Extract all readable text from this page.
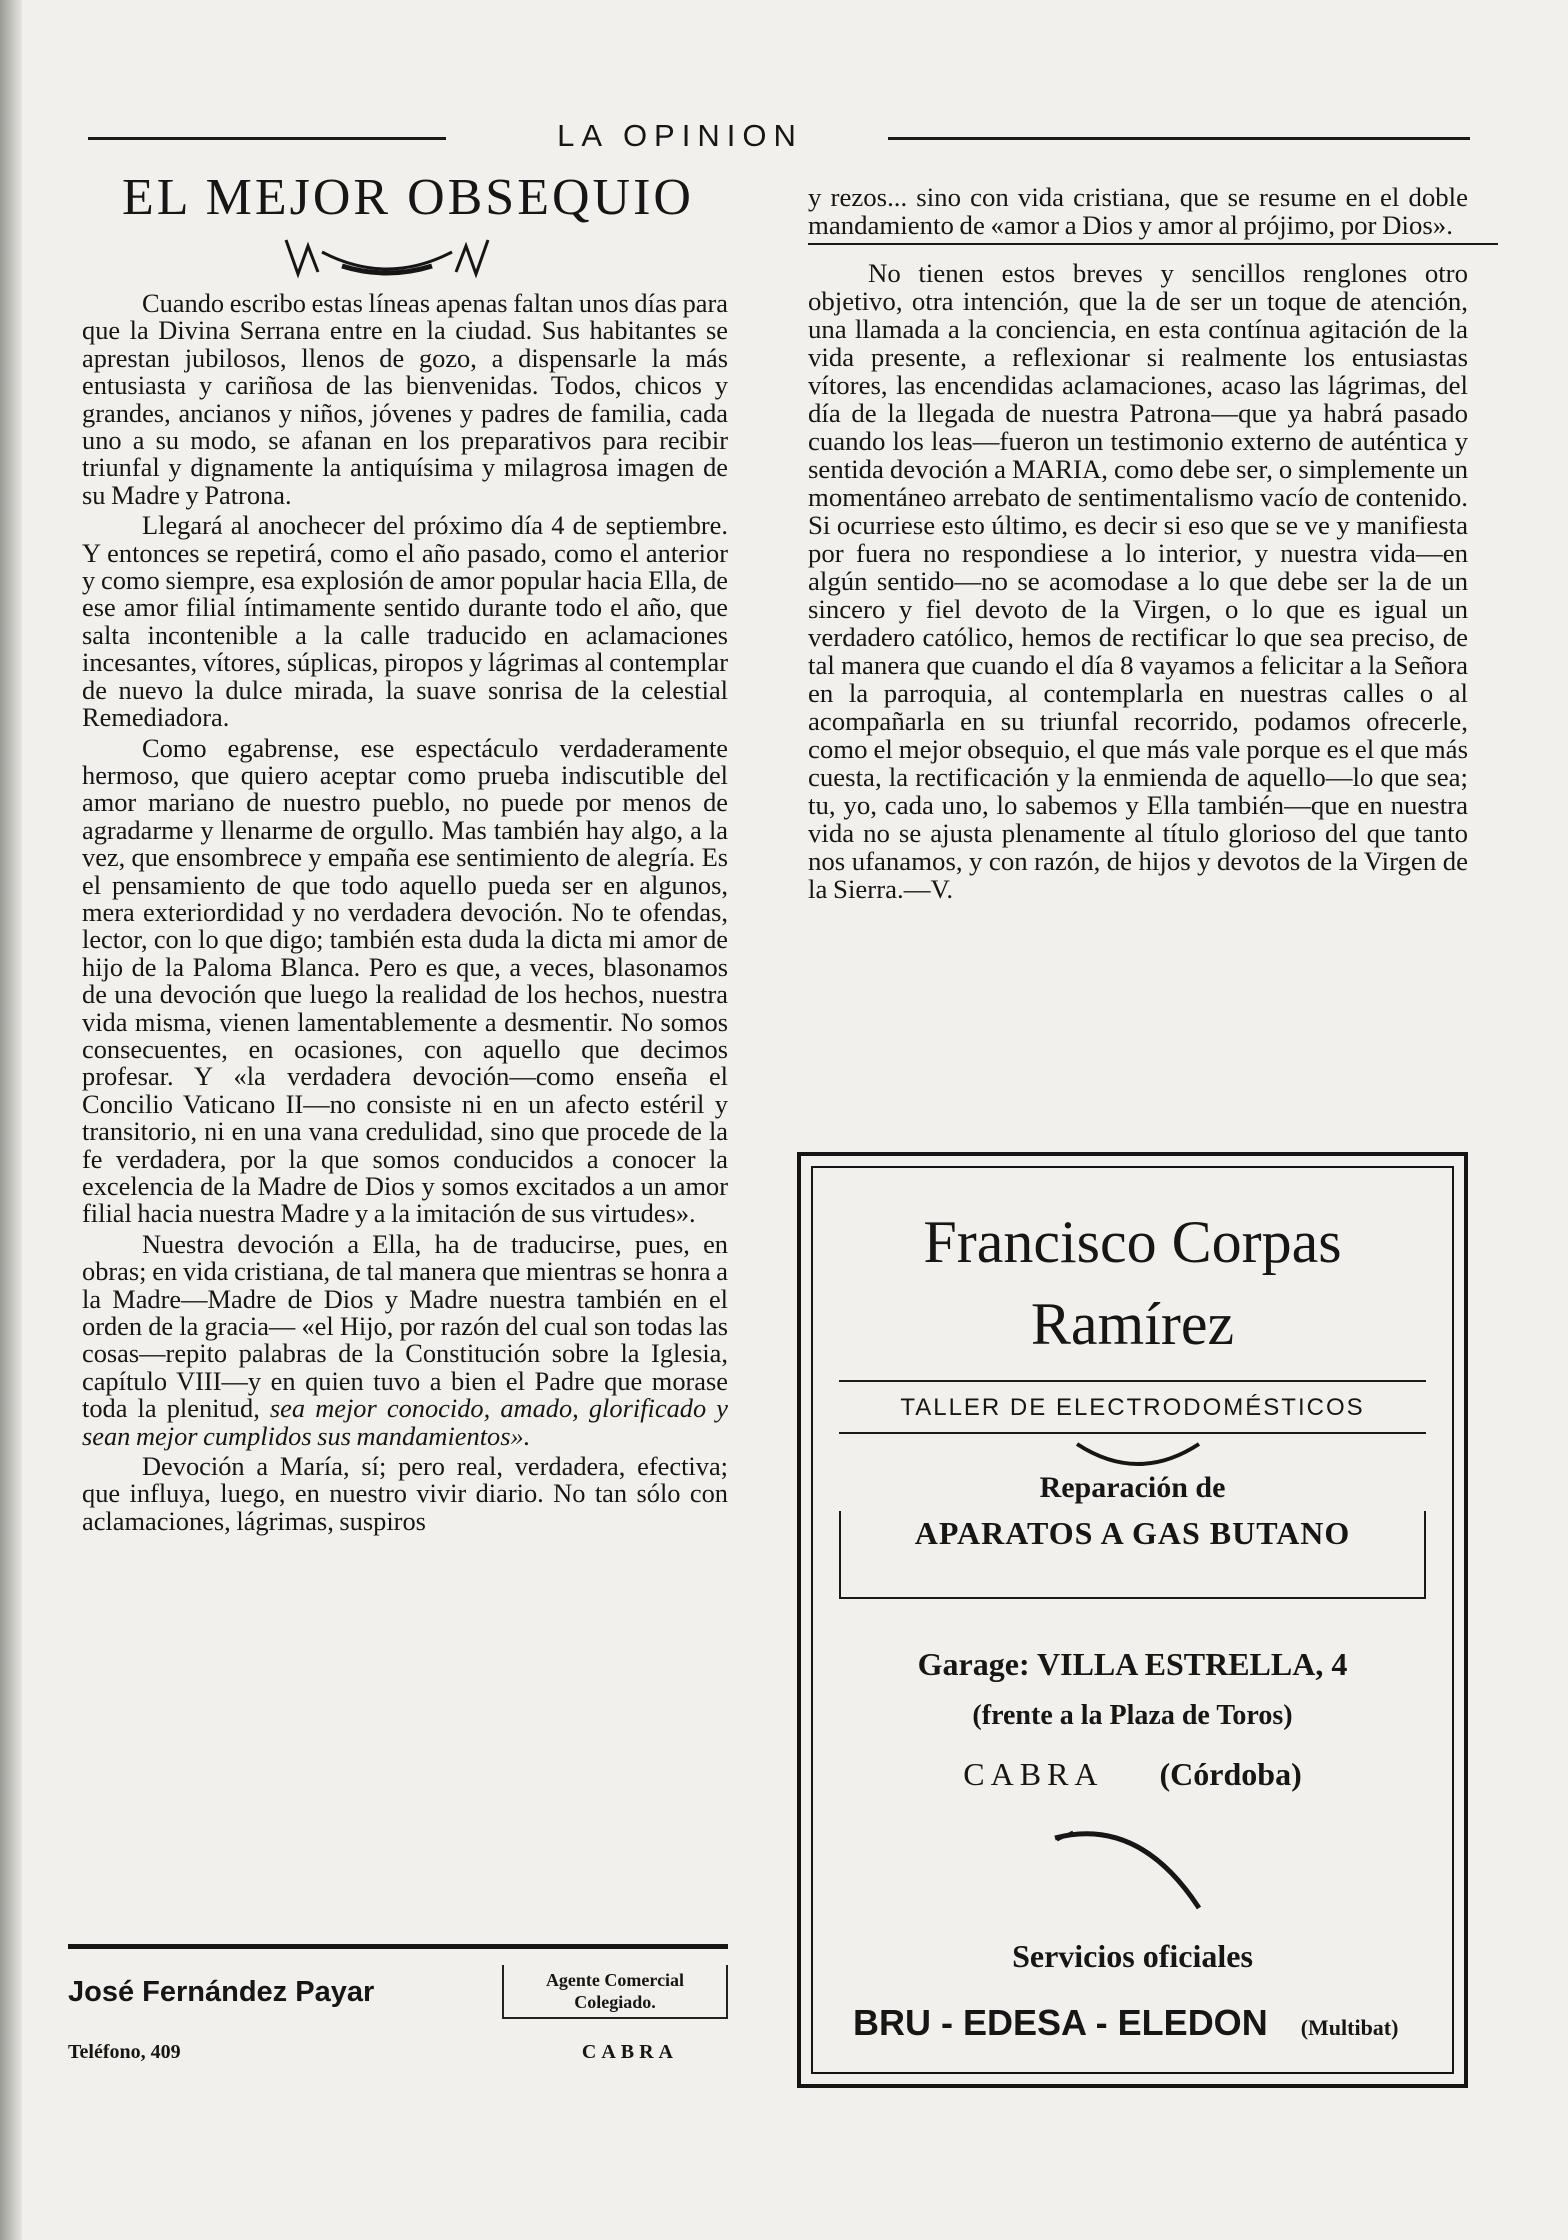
LA OPINION
EL MEJOR OBSEQUIO

Cuando escribo estas líneas apenas faltan unos días para que la Divina Serrana entre en la ciudad. Sus habitantes se aprestan jubilosos, llenos de gozo, a dispensarle la más entusiasta y cariñosa de las bienvenidas. Todos, chicos y grandes, ancianos y niños, jóvenes y padres de familia, cada uno a su modo, se afanan en los preparativos para recibir triunfal y dignamente la antiquísima y milagrosa imagen de su Madre y Patrona.

Llegará al anochecer del próximo día 4 de septiembre. Y entonces se repetirá, como el año pasado, como el anterior y como siempre, esa explosión de amor popular hacia Ella, de ese amor filial íntimamente sentido durante todo el año, que salta incontenible a la calle traducido en aclamaciones incesantes, vítores, súplicas, piropos y lágrimas al contemplar de nuevo la dulce mirada, la suave sonrisa de la celestial Remediadora.

Como egabrense, ese espectáculo verdaderamente hermoso, que quiero aceptar como prueba indiscutible del amor mariano de nuestro pueblo, no puede por menos de agradarme y llenarme de orgullo. Mas también hay algo, a la vez, que ensombrece y empaña ese sentimiento de alegría. Es el pensamiento de que todo aquello pueda ser en algunos, mera exteriordidad y no verdadera devoción. No te ofendas, lector, con lo que digo; también esta duda la dicta mi amor de hijo de la Paloma Blanca. Pero es que, a veces, blasonamos de una devoción que luego la realidad de los hechos, nuestra vida misma, vienen lamentablemente a desmentir. No somos consecuentes, en ocasiones, con aquello que decimos profesar. Y «la verdadera devoción—como enseña el Concilio Vaticano II—no consiste ni en un afecto estéril y transitorio, ni en una vana credulidad, sino que procede de la fe verdadera, por la que somos conducidos a conocer la excelencia de la Madre de Dios y somos excitados a un amor filial hacia nuestra Madre y a la imitación de sus virtudes».

Nuestra devoción a Ella, ha de traducirse, pues, en obras; en vida cristiana, de tal manera que mientras se honra a la Madre—Madre de Dios y Madre nuestra también en el orden de la gracia— «el Hijo, por razón del cual son todas las cosas—repito palabras de la Constitución sobre la Iglesia, capítulo VIII—y en quien tuvo a bien el Padre que morase toda la plenitud, sea mejor conocido, amado, glorificado y sean mejor cumplidos sus mandamientos».

Devoción a María, sí; pero real, verdadera, efectiva; que influya, luego, en nuestro vivir diario. No tan sólo con aclamaciones, lágrimas, suspiros

José Fernández Payar	Agente Comercial Colegiado.
Teléfono, 409	CABRA

y rezos... sino con vida cristiana, que se resume en el doble mandamiento de «amor a Dios y amor al prójimo, por Dios».

No tienen estos breves y sencillos renglones otro objetivo, otra intención, que la de ser un toque de atención, una llamada a la conciencia, en esta contínua agitación de la vida presente, a reflexionar si realmente los entusiastas vítores, las encendidas aclamaciones, acaso las lágrimas, del día de la llegada de nuestra Patrona—que ya habrá pasado cuando los leas—fueron un testimonio externo de auténtica y sentida devoción a MARIA, como debe ser, o simplemente un momentáneo arrebato de sentimentalismo vacío de contenido. Si ocurriese esto último, es decir si eso que se ve y manifiesta por fuera no respondiese a lo interior, y nuestra vida—en algún sentido—no se acomodase a lo que debe ser la de un sincero y fiel devoto de la Virgen, o lo que es igual un verdadero católico, hemos de rectificar lo que sea preciso, de tal manera que cuando el día 8 vayamos a felicitar a la Señora en la parroquia, al contemplarla en nuestras calles o al acompañarla en su triunfal recorrido, podamos ofrecerle, como el mejor obsequio, el que más vale porque es el que más cuesta, la rectificación y la enmienda de aquello—lo que sea; tu, yo, cada uno, lo sabemos y Ella también—que en nuestra vida no se ajusta plenamente al título glorioso del que tanto nos ufanamos, y con razón, de hijos y devotos de la Virgen de la Sierra.—V.

Francisco Corpas
Ramírez
TALLER DE ELECTRODOMÉSTICOS
Reparación de
APARATOS A GAS BUTANO
Garage: VILLA ESTRELLA, 4
(frente a la Plaza de Toros)
CABRA (Córdoba)
Servicios oficiales
BRU - EDESA - ELEDON (Multibat)
